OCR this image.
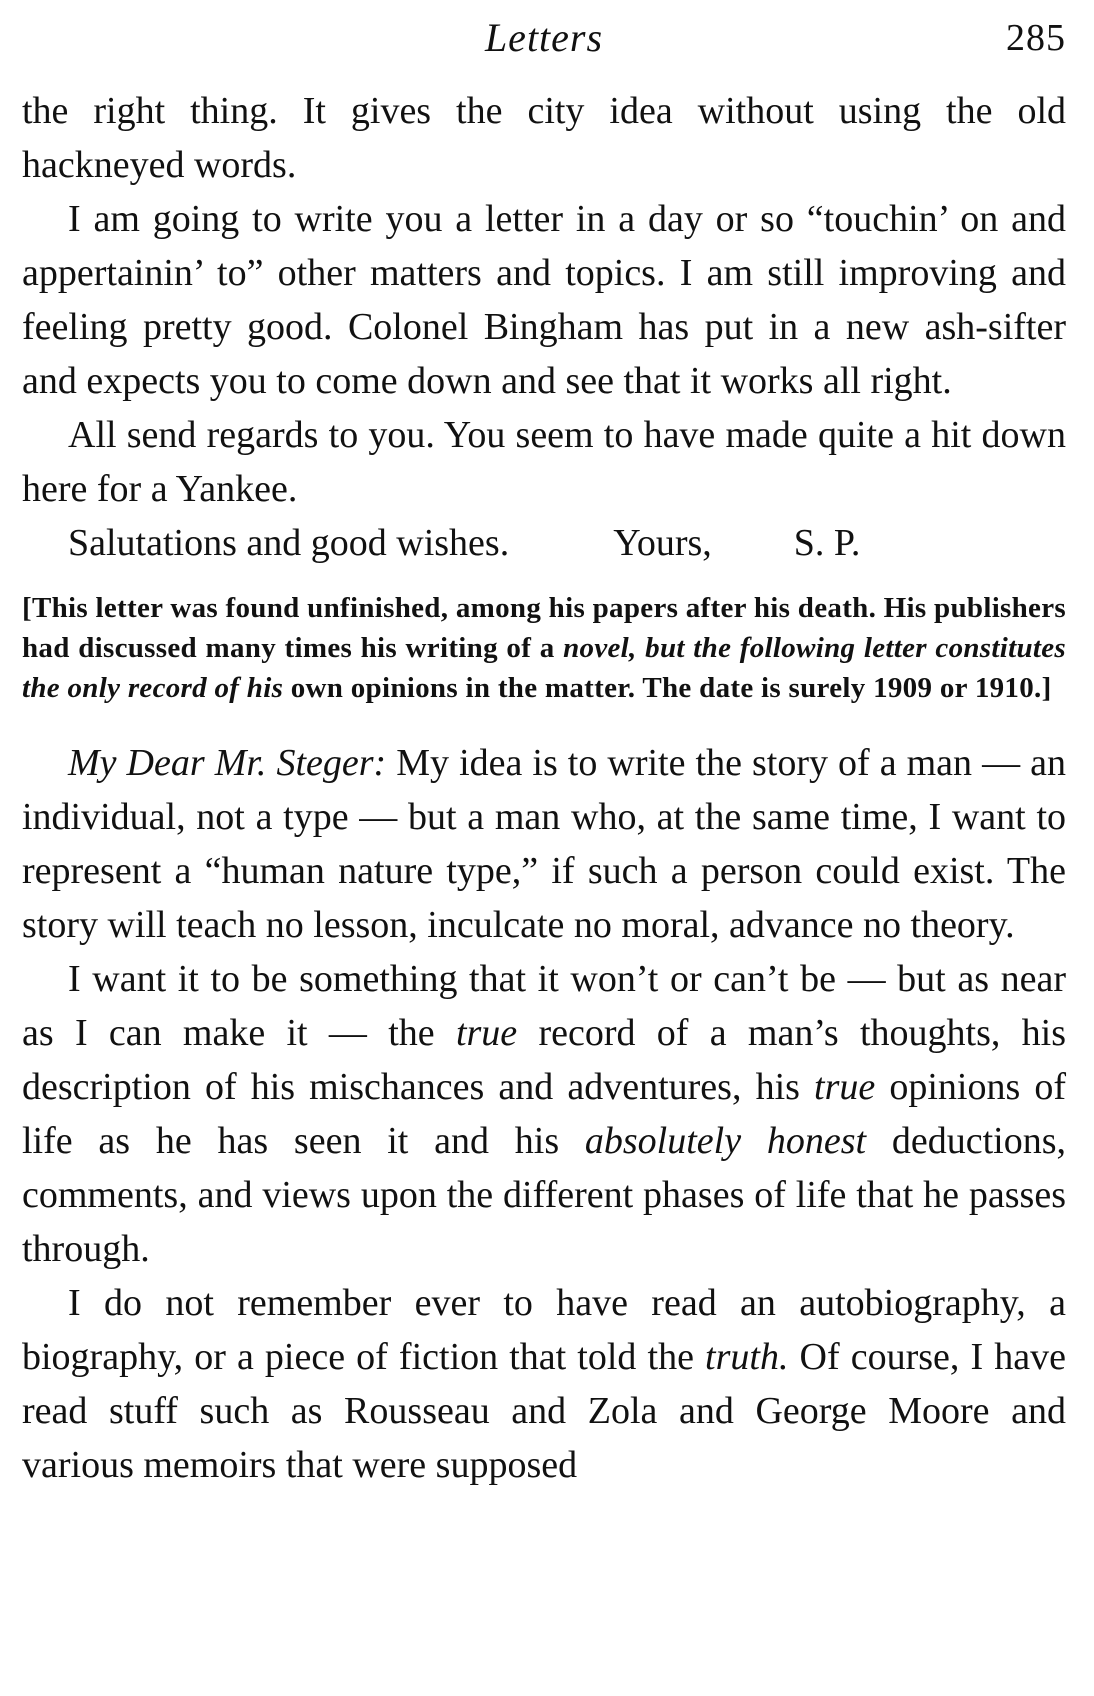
Letters	285

the right thing. It gives the city idea without using the old hackneyed words.

I am going to write you a letter in a day or so “touchin’ on and appertainin’ to” other matters and topics. I am still improving and feeling pretty good. Colonel Bingham has put in a new ash-sifter and expects you to come down and see that it works all right.

All send regards to you. You seem to have made quite a hit down here for a Yankee.

Salutations and good wishes.	Yours, S. P.

[This letter was found unfinished, among his papers after his death. His publishers had discussed many times his writing of a novel, but the following letter constitutes the only record of his own opinions in the matter. The date is surely 1909 or 1910.]

My Dear Mr. Steger: My idea is to write the story of a man — an individual, not a type — but a man who, at the same time, I want to represent a “human nature type,” if such a person could exist. The story will teach no lesson, inculcate no moral, advance no theory.

I want it to be something that it won’t or can’t be — but as near as I can make it — the true record of a man’s thoughts, his description of his mischances and adventures, his true opinions of life as he has seen it and his absolutely honest deductions, comments, and views upon the different phases of life that he passes through.

I do not remember ever to have read an autobiography, a biography, or a piece of fiction that told the truth. Of course, I have read stuff such as Rousseau and Zola and George Moore and various memoirs that were supposed
